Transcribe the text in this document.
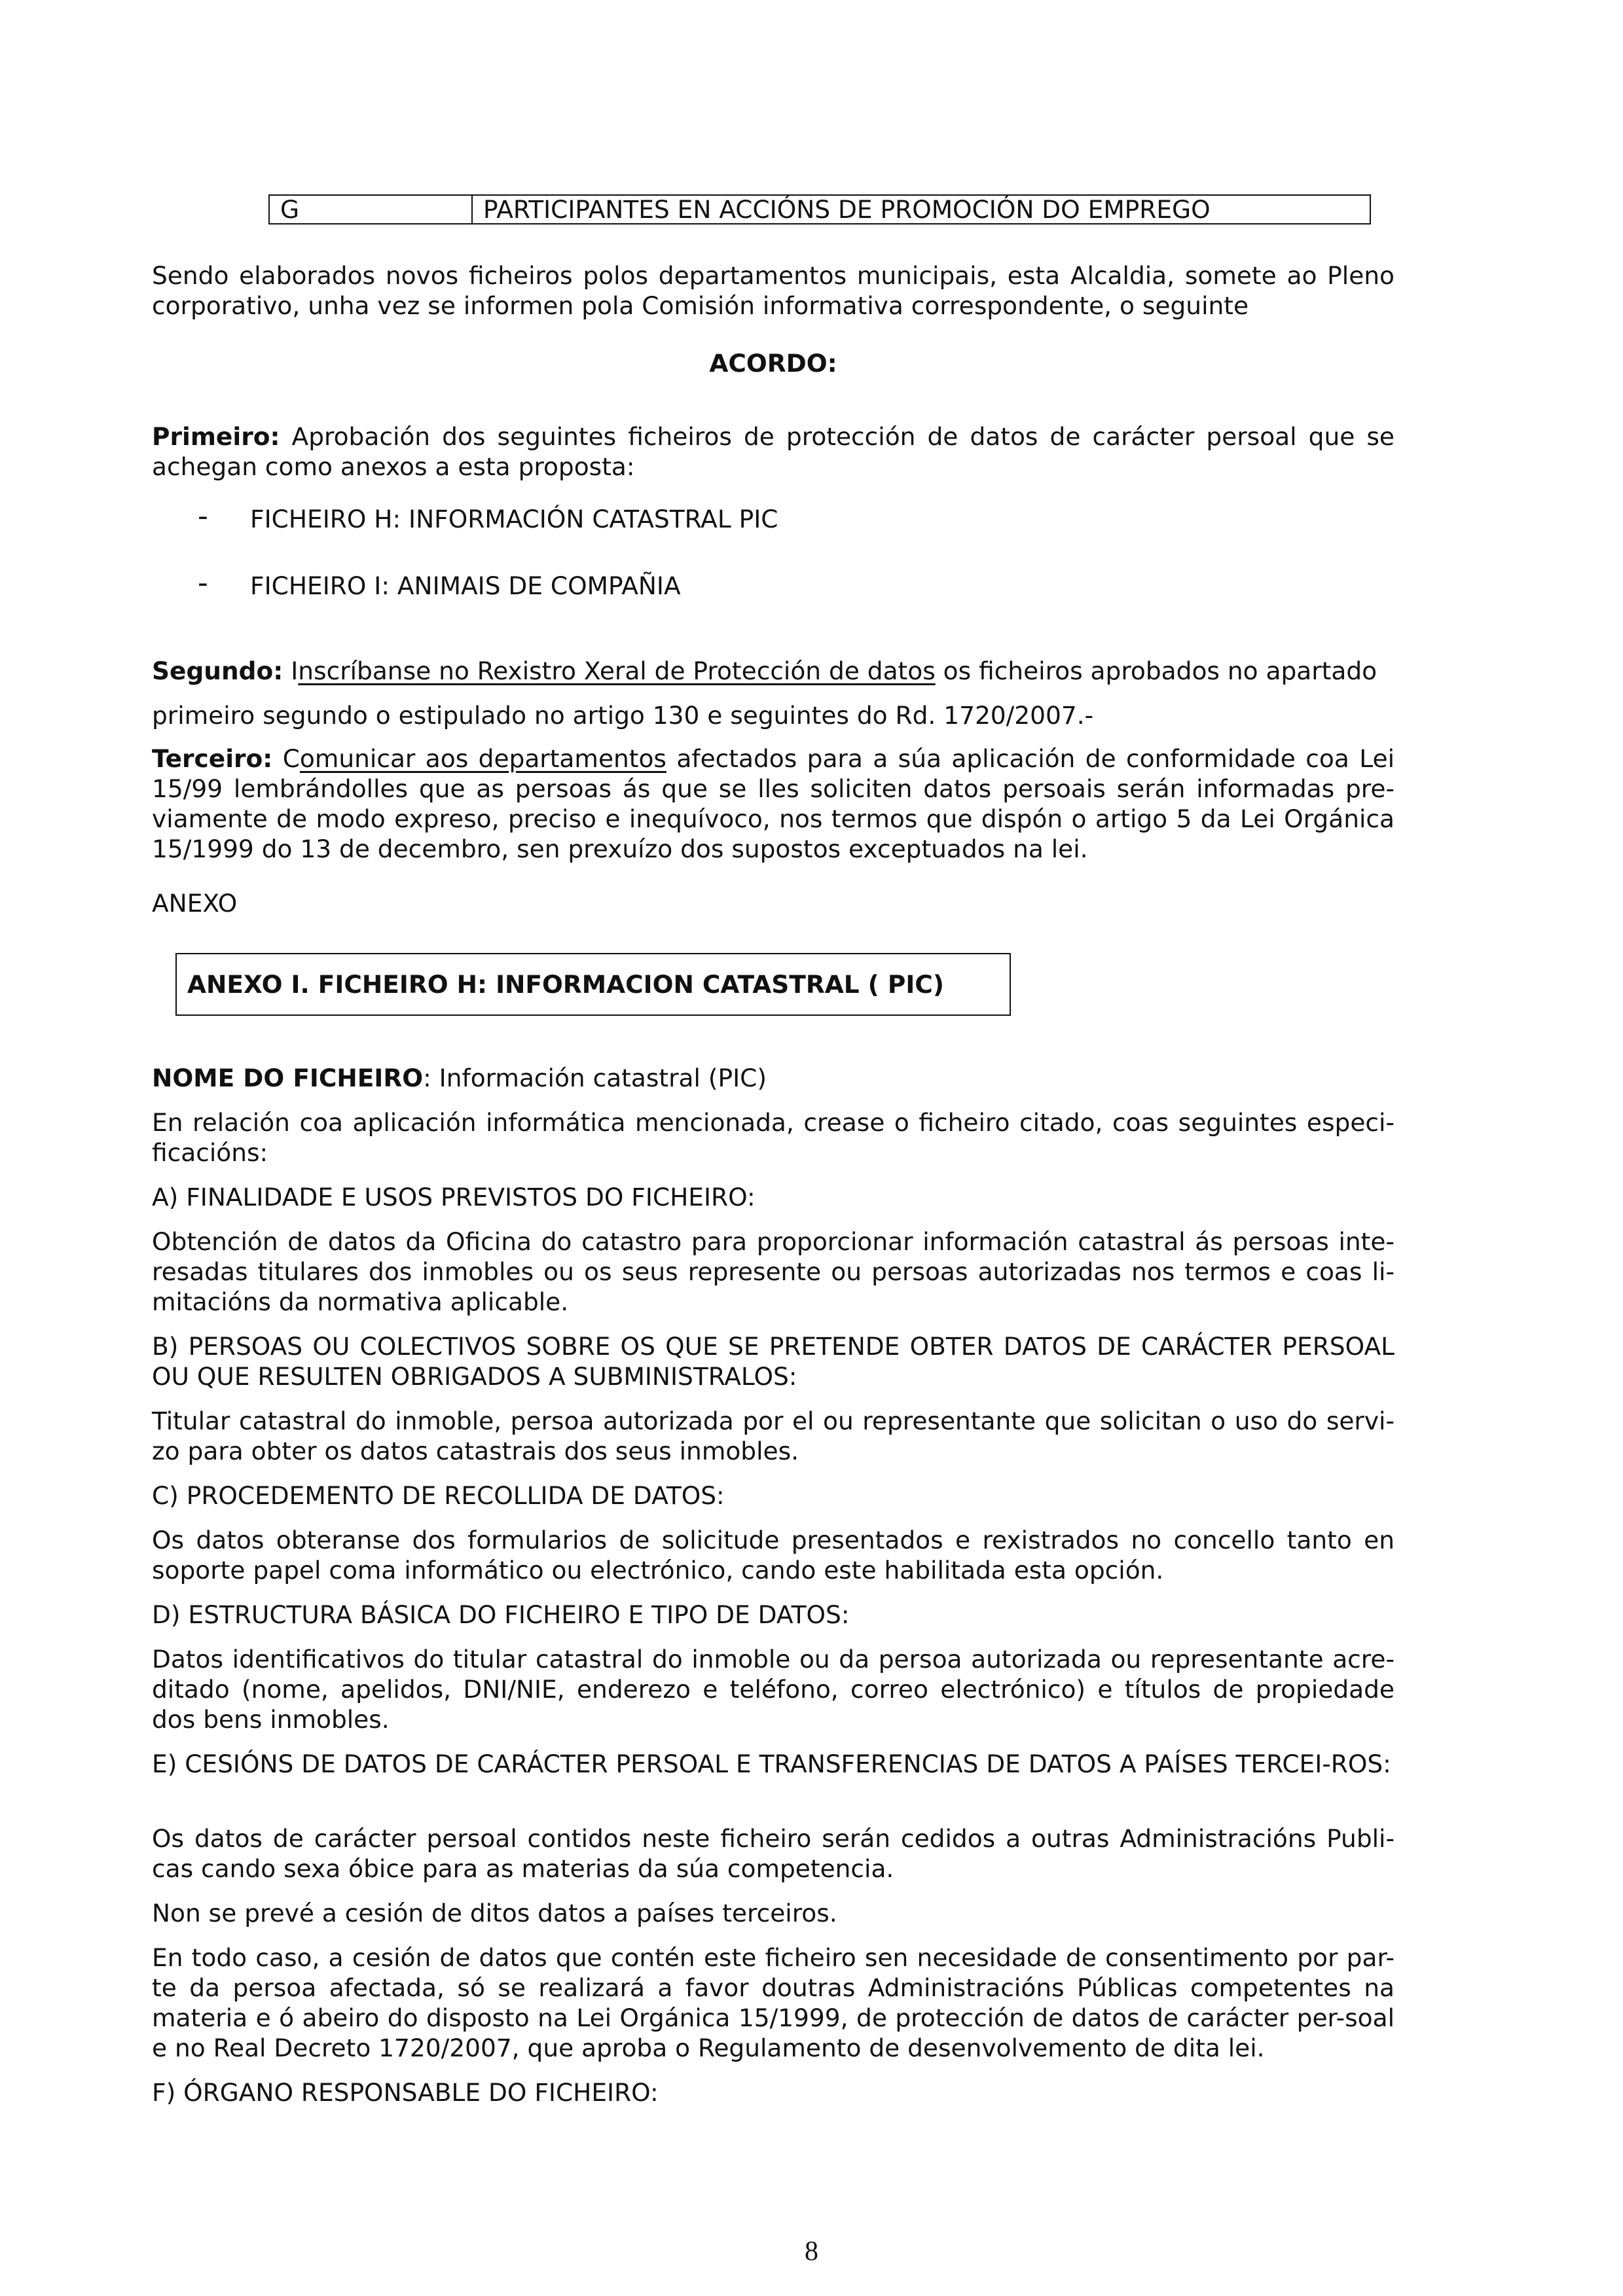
G	PARTICIPANTES EN ACCIÓNS DE PROMOCIÓN DO EMPREGO

Sendo elaborados novos ficheiros polos departamentos municipais, esta Alcaldia, somete ao Pleno corporativo, unha vez se informen pola Comisión informativa correspondente, o seguinte

ACORDO:

Primeiro: Aprobación dos seguintes ficheiros de protección de datos de carácter persoal que se achegan como anexos a esta proposta:

- FICHEIRO H: INFORMACIÓN CATASTRAL PIC
- FICHEIRO I: ANIMAIS DE COMPAÑIA

Segundo: Inscríbanse no Rexistro Xeral de Protección de datos os ficheiros aprobados no apartado

primeiro segundo o estipulado no artigo 130 e seguintes do Rd. 1720/2007.-

Terceiro: Comunicar aos departamentos afectados para a súa aplicación de conformidade coa Lei 15/99 lembrándolles que as persoas ás que se lles soliciten datos persoais serán informadas pre-viamente de modo expreso, preciso e inequívoco, nos termos que dispón o artigo 5 da Lei Orgánica 15/1999 do 13 de decembro, sen prexuízo dos supostos exceptuados na lei.

ANEXO

ANEXO I. FICHEIRO H: INFORMACION CATASTRAL ( PIC)

NOME DO FICHEIRO: Información catastral (PIC)

En relación coa aplicación informática mencionada, crease o ficheiro citado, coas seguintes especi-ficacións:

A) FINALIDADE E USOS PREVISTOS DO FICHEIRO:

Obtención de datos da Oficina do catastro para proporcionar información catastral ás persoas inte-resadas titulares dos inmobles ou os seus represente ou persoas autorizadas nos termos e coas li-mitacións da normativa aplicable.

B) PERSOAS OU COLECTIVOS SOBRE OS QUE SE PRETENDE OBTER DATOS DE CARÁCTER PERSOAL OU QUE RESULTEN OBRIGADOS A SUBMINISTRALOS:

Titular catastral do inmoble, persoa autorizada por el ou representante que solicitan o uso do servi-zo para obter os datos catastrais dos seus inmobles.

C) PROCEDEMENTO DE RECOLLIDA DE DATOS:

Os datos obteranse dos formularios de solicitude presentados e rexistrados no concello tanto en soporte papel coma informático ou electrónico, cando este habilitada esta opción.

D) ESTRUCTURA BÁSICA DO FICHEIRO E TIPO DE DATOS:

Datos identificativos do titular catastral do inmoble ou da persoa autorizada ou representante acre-ditado (nome, apelidos, DNI/NIE, enderezo e teléfono, correo electrónico) e títulos de propiedade dos bens inmobles.

E) CESIÓNS DE DATOS DE CARÁCTER PERSOAL E TRANSFERENCIAS DE DATOS A PAÍSES TERCEI-ROS:

Os datos de carácter persoal contidos neste ficheiro serán cedidos a outras Administracións Publi-cas cando sexa óbice para as materias da súa competencia.

Non se prevé a cesión de ditos datos a países terceiros.

En todo caso, a cesión de datos que contén este ficheiro sen necesidade de consentimento por par-te da persoa afectada, só se realizará a favor doutras Administracións Públicas competentes na materia e ó abeiro do disposto na Lei Orgánica 15/1999, de protección de datos de carácter per-soal e no Real Decreto 1720/2007, que aproba o Regulamento de desenvolvemento de dita lei.

F) ÓRGANO RESPONSABLE DO FICHEIRO:

8
